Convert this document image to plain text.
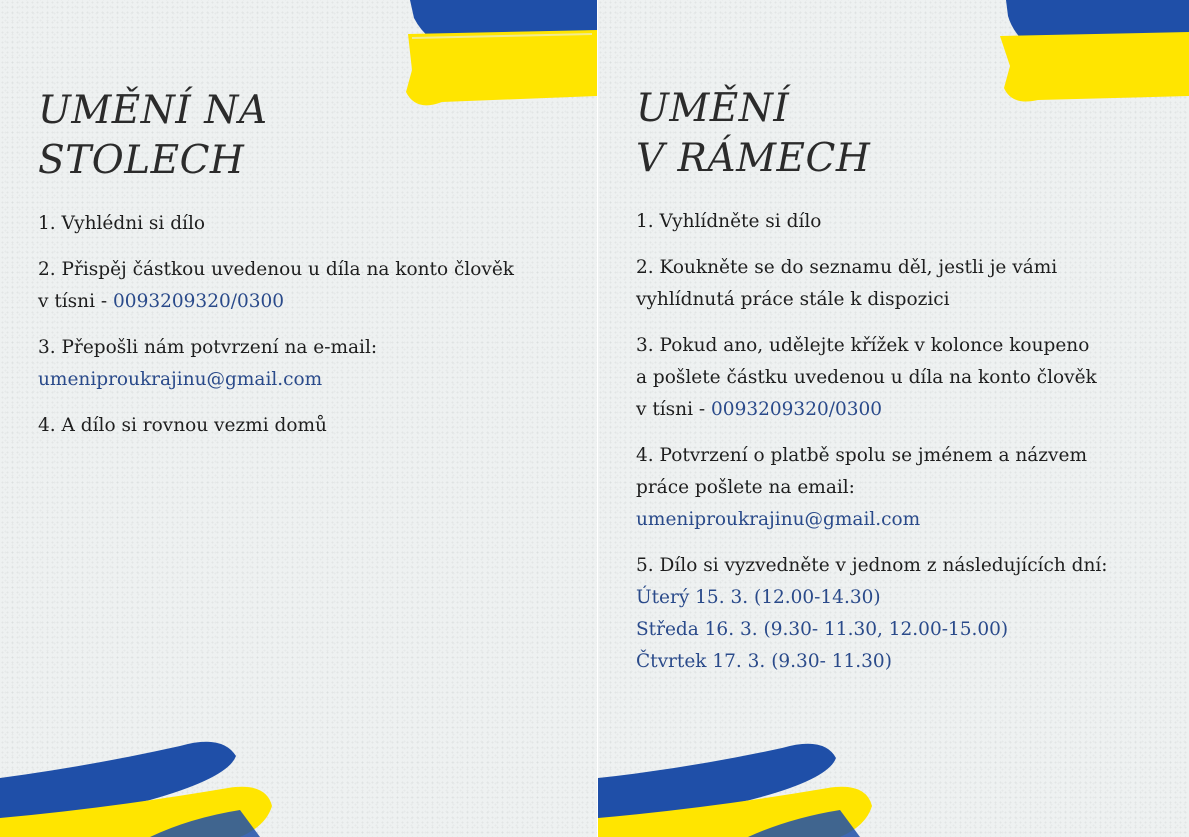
UMĚNÍ NA
STOLECH
1. Vyhlédni si dílo
2. Přispěj částkou uvedenou u díla na konto člověk
v tísni - 0093209320/0300
3. Přepošli nám potvrzení na e-mail:
umeniproukrajinu@gmail.com
4. A dílo si rovnou vezmi domů
UMĚNÍ
V RÁMECH
1. Vyhlídněte si dílo
2. Koukněte se do seznamu děl, jestli je vámi
vyhlídnutá práce stále k dispozici
3. Pokud ano, udělejte křížek v kolonce koupeno
a pošlete částku uvedenou u díla na konto člověk
v tísni - 0093209320/0300
4. Potvrzení o platbě spolu se jménem a názvem
práce pošlete na email:
umeniproukrajinu@gmail.com
5. Dílo si vyzvedněte v jednom z následujících dní:
Úterý 15. 3. (12.00-14.30)
Středa 16. 3. (9.30- 11.30, 12.00-15.00)
Čtvrtek 17. 3. (9.30- 11.30)
